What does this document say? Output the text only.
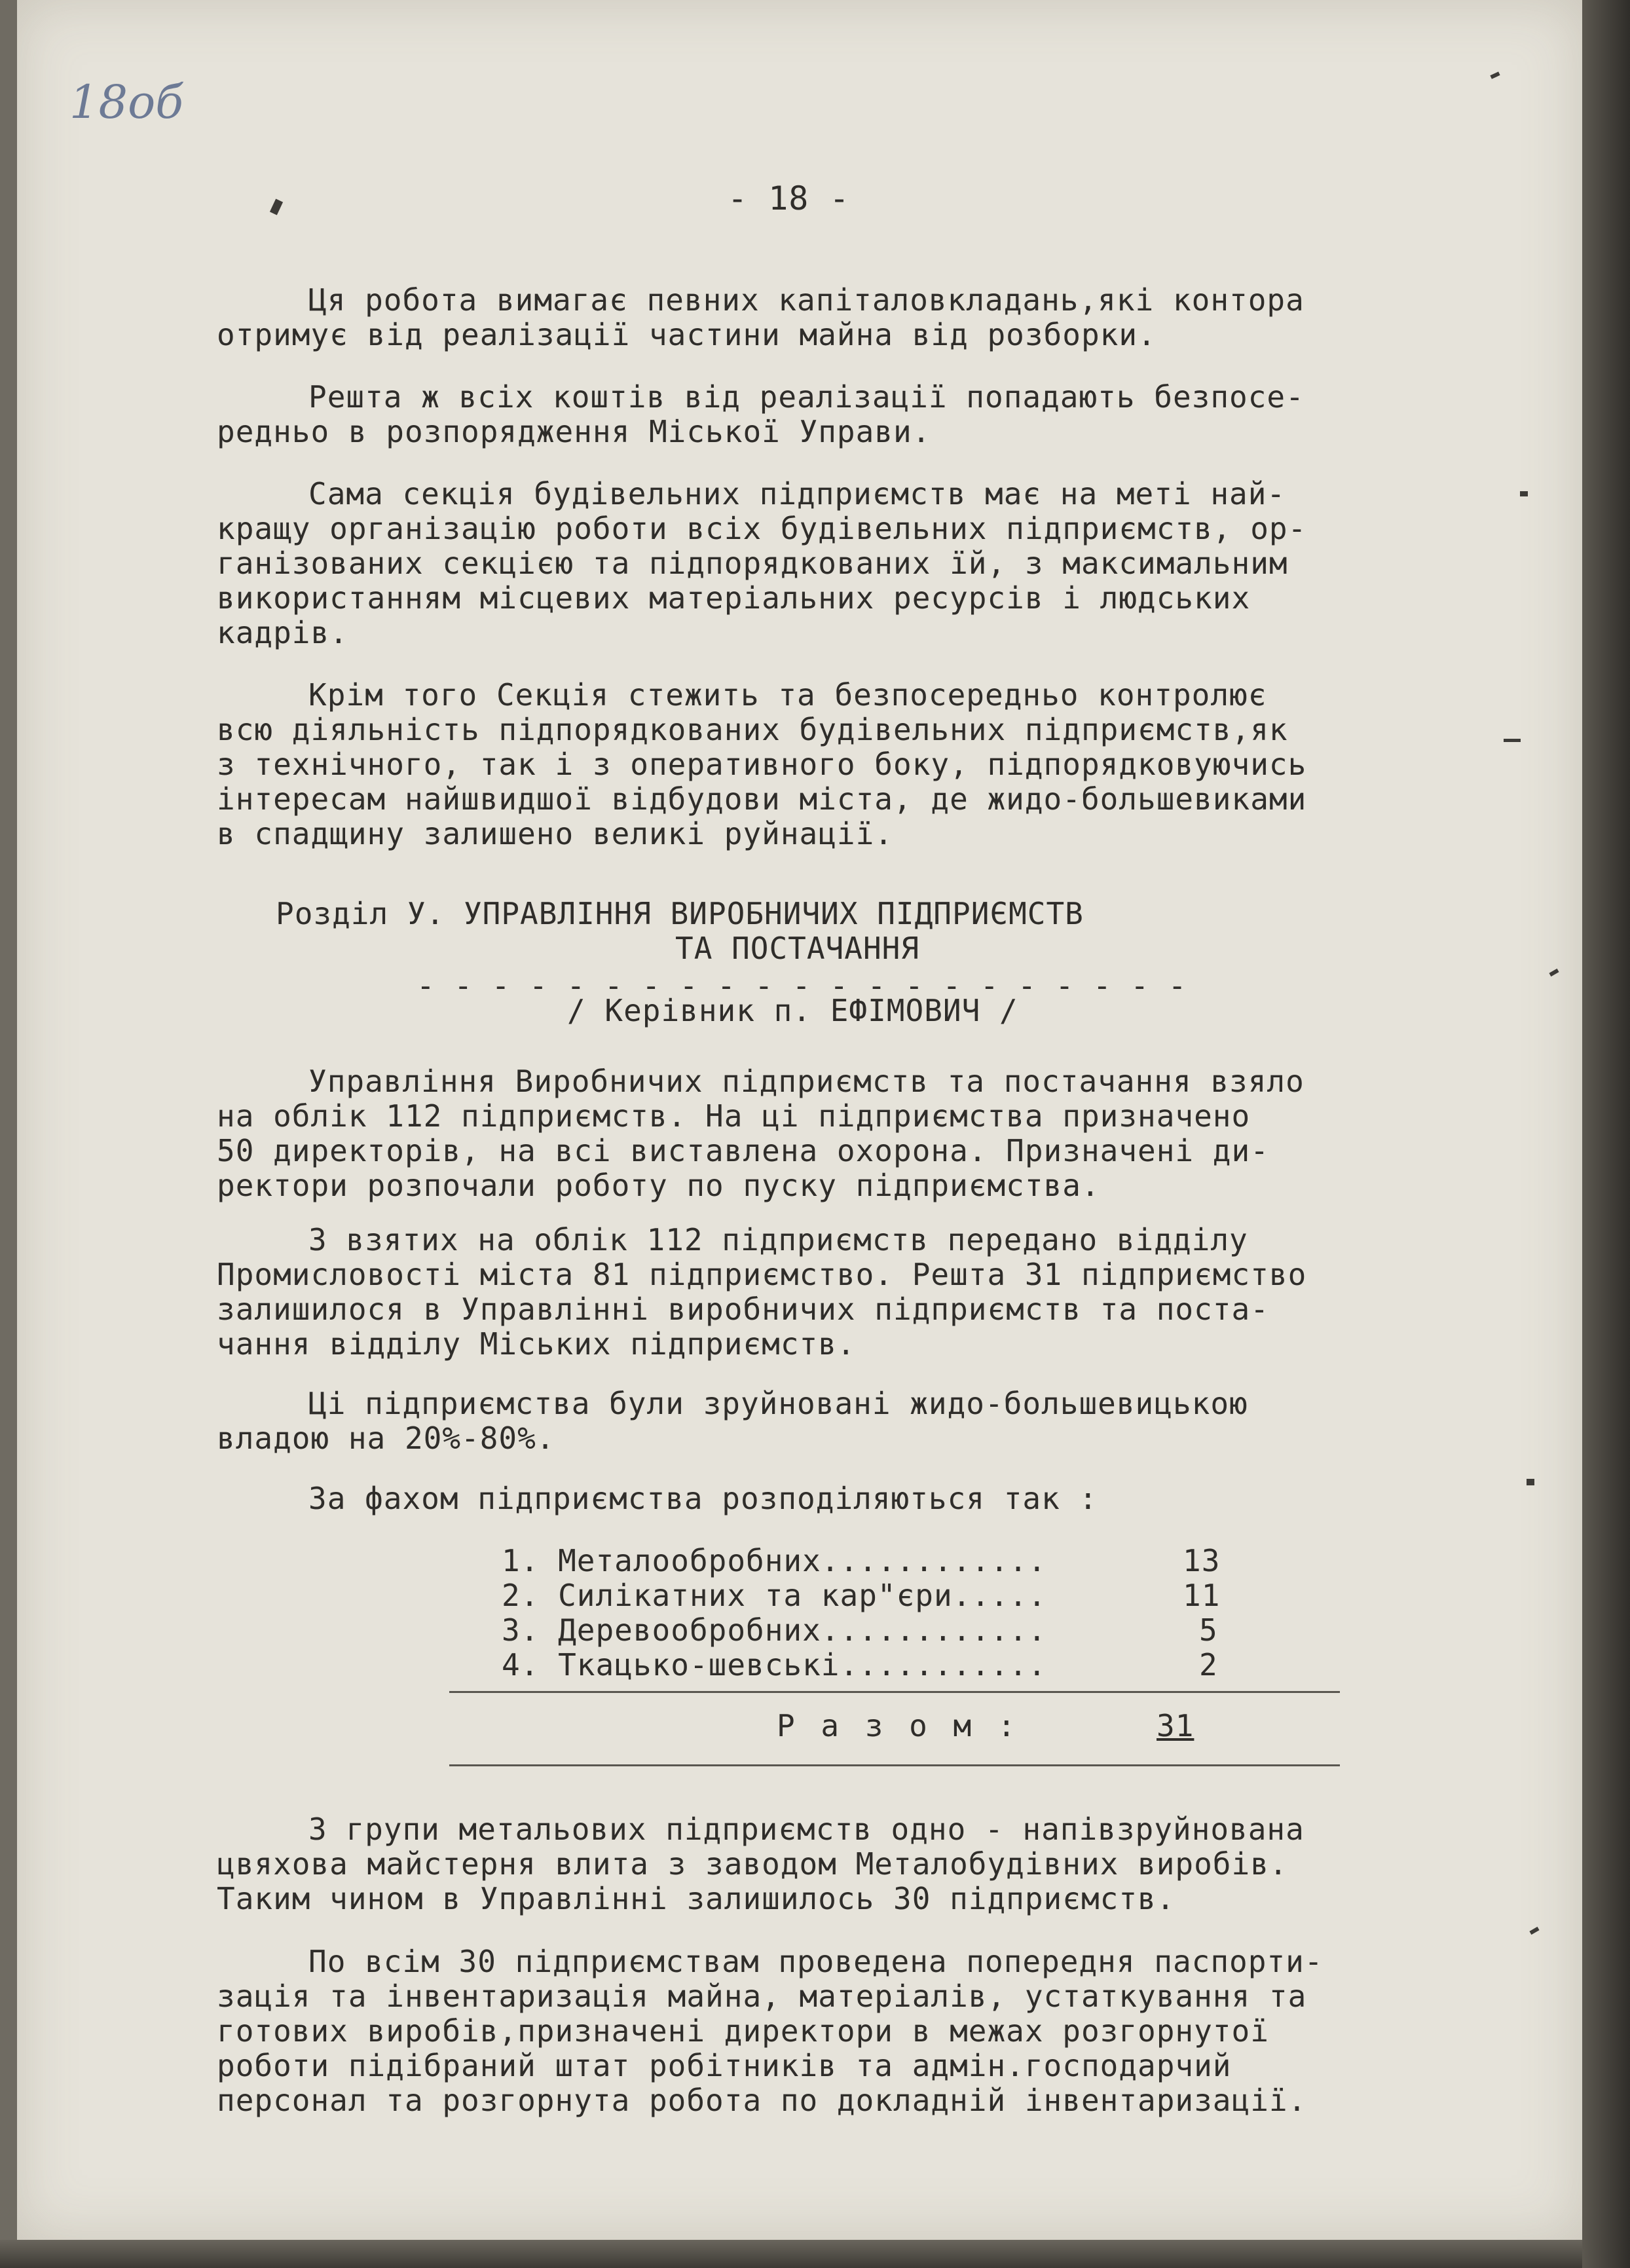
18об
- 18 -
Ця робота вимагає певних капіталовкладань,які контора
отримує від реалізації частини майна від розборки.
Решта ж всіх коштів від реалізації попадають безпосе-
редньо в розпорядження Міської Управи.
Сама секція будівельних підприємств має на меті най-
кращу організацію роботи всіх будівельних підприємств, ор-
ганізованих секцією та підпорядкованих їй, з максимальним
використанням місцевих матеріальних ресурсів і людських
кадрів.
Крім того Секція стежить та безпосередньо контролює
всю діяльність підпорядкованих будівельних підприємств,як
з технічного, так і з оперативного боку, підпорядковуючись
інтересам найшвидшої відбудови міста, де жидо-большевиками
в спадщину залишено великі руйнації.
Розділ У. УПРАВЛІННЯ ВИРОБНИЧИХ ПІДПРИЄМСТВ
ТА ПОСТАЧАННЯ
- - - - - - - - - - - - - - - - - - - - -
/ Керівник п. ЕФІМОВИЧ /
Управління Виробничих підприємств та постачання взяло
на облік 112 підприємств. На ці підприємства призначено
50 директорів, на всі виставлена охорона. Призначені ди-
ректори розпочали роботу по пуску підприємства.
З взятих на облік 112 підприємств передано відділу
Промисловості міста 81 підприємство. Решта 31 підприємство
залишилося в Управлінні виробничих підприємств та поста-
чання відділу Міських підприємств.
Ці підприємства були зруйновані жидо-большевицькою
владою на 20%-80%.
За фахом підприємства розподіляються так :
1. Металообробних............	13
2. Силікатних та кар"єри.....	11
3. Деревообробних............	5
4. Ткацько-шевські...........	2
Р а з о м :	31
З групи метальових підприємств одно - напівзруйнована
цвяхова майстерня влита з заводом Металобудівних виробів.
Таким чином в Управлінні залишилось 30 підприємств.
По всім 30 підприємствам проведена попередня паспорти-
зація та інвентаризація майна, матеріалів, устаткування та
готових виробів,призначені директори в межах розгорнутої
роботи підібраний штат робітників та адмін.господарчий
персонал та розгорнута робота по докладній інвентаризації.
